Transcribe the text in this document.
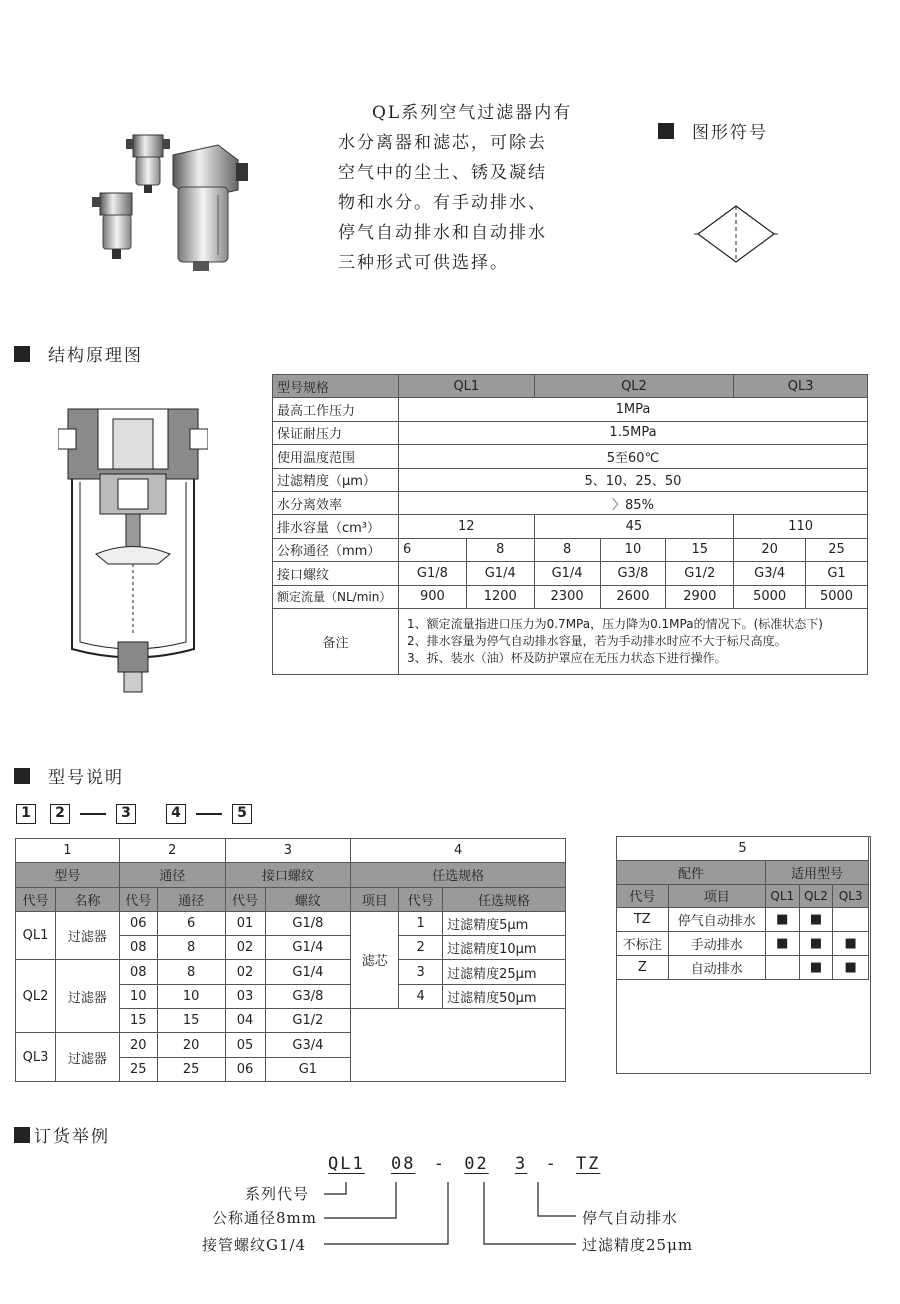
QL系列空气过滤器内有
水分离器和滤芯，可除去
空气中的尘土、锈及凝结
物和水分。有手动排水、
停气自动排水和自动排水
三种形式可供选择。
图形符号
结构原理图
型号规格	QL1		QL2			QL3	
最高工作压力	1MPa						
保证耐压力	1.5MPa						
使用温度范围	5至60℃						
过滤精度（μm）	5、10、25、50						
水分离效率	〉85%						
排水容量（cm³）	12		45			110	
公称通径（mm）	6	8	8	10	15	20	25
接口螺纹	G1/8	G1/4	G1/4	G3/8	G1/2	G3/4	G1
额定流量（NL/min）	900	1200	2300	2600	2900	5000	5000
备注	1、额定流量指进口压力为0.7MPa，压力降为0.1MPa的情况下。(标准状态下)
2、排水容量为停气自动排水容量，若为手动排水时应不大于标尺高度。
3、拆、装水（油）杯及防护罩应在无压力状态下进行操作。						
型号说明
1	2	3	4	5
1		2		3		4		
型号		通径		接口螺纹		任选规格		
代号	名称	代号	通径	代号	螺纹	项目	代号	任选规格
QL1	过滤器	06	6	01	G1/8	滤芯	1	过滤精度5μm
		08	8	02	G1/4		2	过滤精度10μm
QL2	过滤器	08	8	02	G1/4		3	过滤精度25μm
		10	10	03	G3/8		4	过滤精度50μm
		15	15	04	G1/2			
QL3	过滤器	20	20	05	G3/4			
		25	25	06	G1			
5				
配件		适用型号		
代号	项目	QL1	QL2	QL3
TZ	停气自动排水	■	■	
不标注	手动排水	■	■	■
Z	自动排水		■	■
订货举例
QL1 08 - 02 3 - TZ
系列代号
公称通径8mm
接管螺纹G1/4
停气自动排水
过滤精度25μm
